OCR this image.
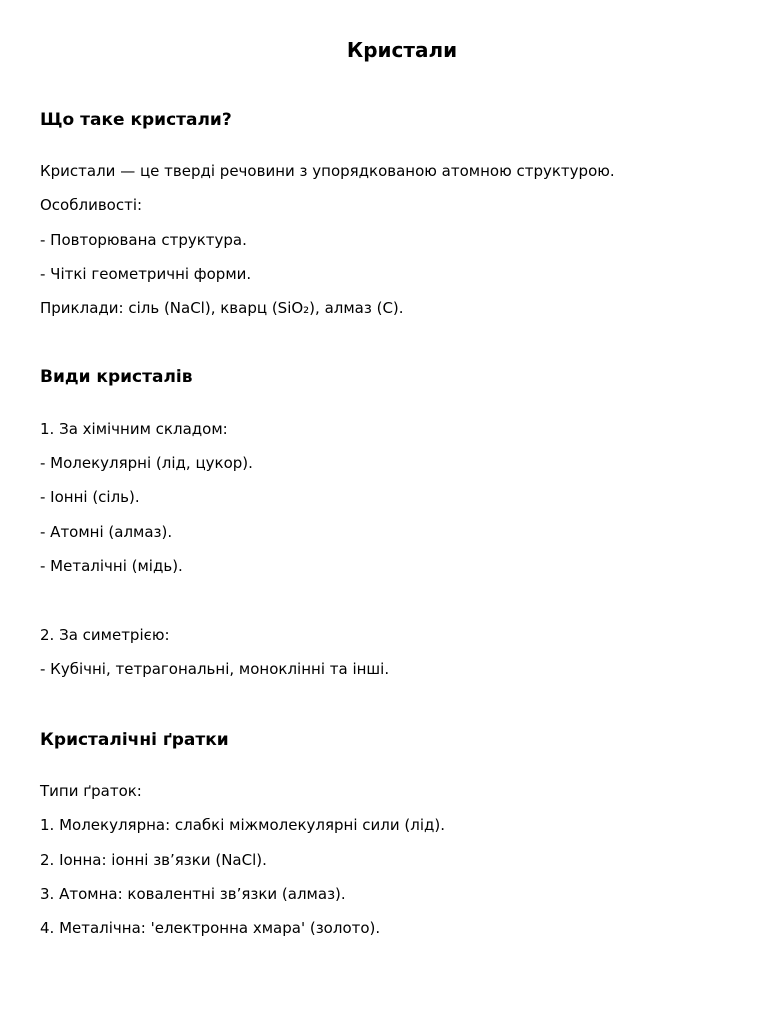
Кристали
Що таке кристали?

Кристали — це тверді речовини з упорядкованою атомною структурою.

Особливості:

- Повторювана структура.

- Чіткі геометричні форми.

Приклади: сіль (NaCl), кварц (SiO₂), алмаз (C).

Види кристалів

1. За хімічним складом:

- Молекулярні (лід, цукор).

- Іонні (сіль).

- Атомні (алмаз).

- Металічні (мідь).

2. За симетрією:

- Кубічні, тетрагональні, моноклінні та інші.

Кристалічні ґратки

Типи ґраток:

1. Молекулярна: слабкі міжмолекулярні сили (лід).

2. Іонна: іонні зв’язки (NaCl).

3. Атомна: ковалентні зв’язки (алмаз).

4. Металічна: 'електронна хмара' (золото).
